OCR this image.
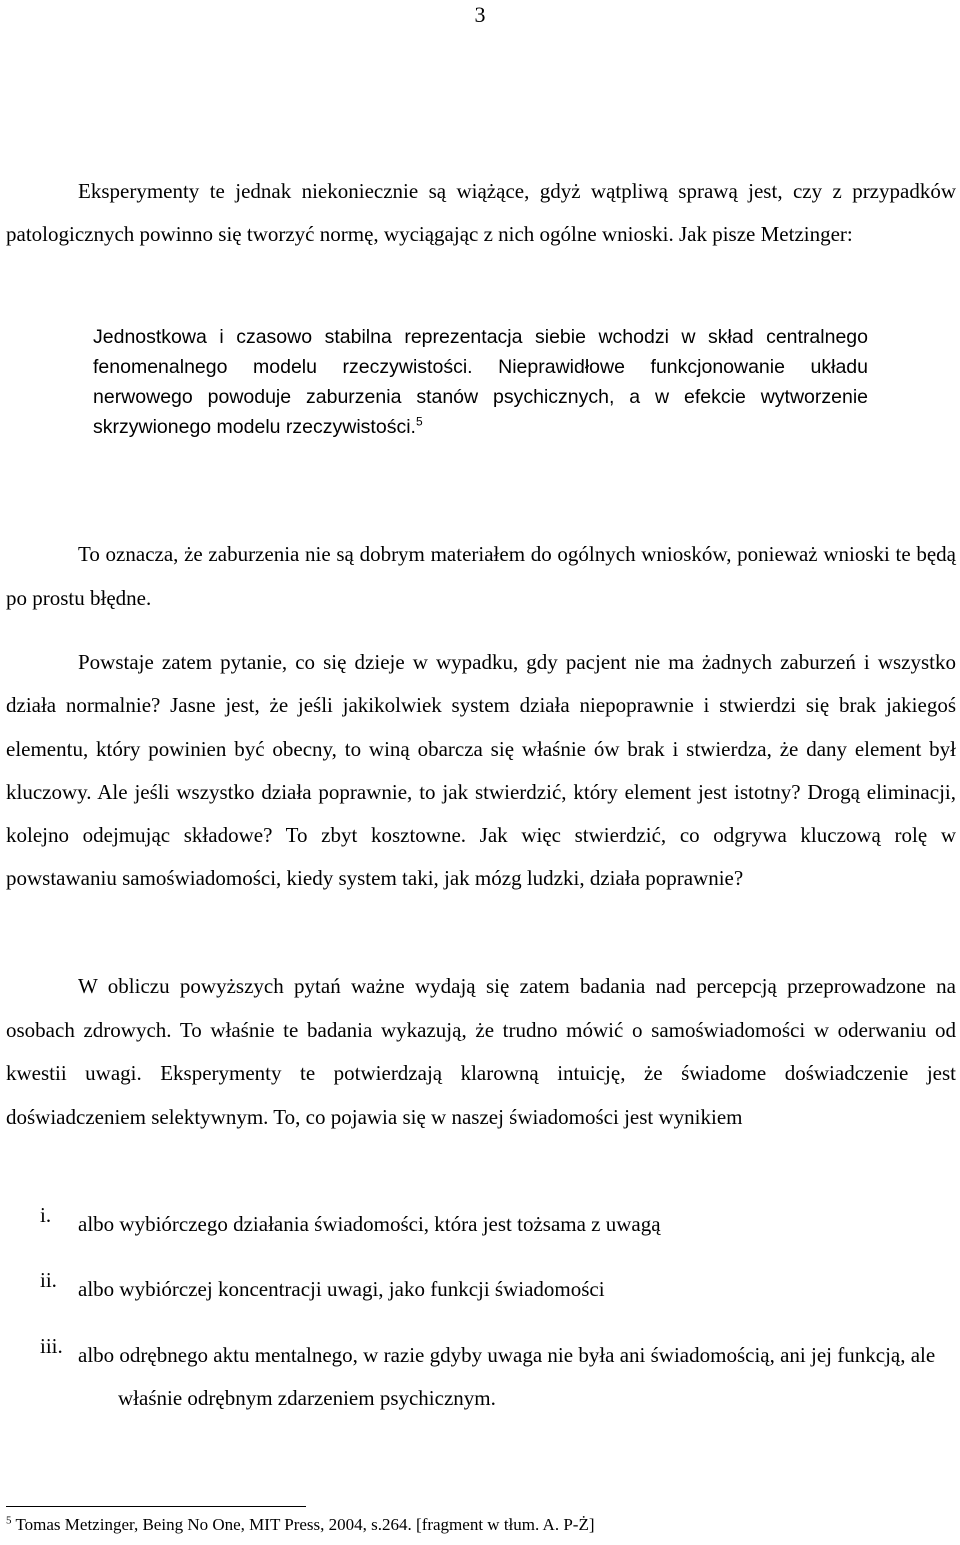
3

Eksperymenty te jednak niekoniecznie są wiążące, gdyż wątpliwą sprawą jest, czy z przypadków patologicznych powinno się tworzyć normę, wyciągając z nich ogólne wnioski. Jak pisze Metzinger:

Jednostkowa i czasowo stabilna reprezentacja siebie wchodzi w skład centralnego fenomenalnego modelu rzeczywistości. Nieprawidłowe funkcjonowanie układu nerwowego powoduje zaburzenia stanów psychicznych, a w efekcie wytworzenie skrzywionego modelu rzeczywistości.$^5$

To oznacza, że zaburzenia nie są dobrym materiałem do ogólnych wniosków, ponieważ wnioski te będą po prostu błędne.

Powstaje zatem pytanie, co się dzieje w wypadku, gdy pacjent nie ma żadnych zaburzeń i wszystko działa normalnie? Jasne jest, że jeśli jakikolwiek system działa niepoprawnie i stwierdzi się brak jakiegoś elementu, który powinien być obecny, to winą obarcza się właśnie ów brak i stwierdza, że dany element był kluczowy. Ale jeśli wszystko działa poprawnie, to jak stwierdzić, który element jest istotny? Drogą eliminacji, kolejno odejmując składowe? To zbyt kosztowne. Jak więc stwierdzić, co odgrywa kluczową rolę w powstawaniu samoświadomości, kiedy system taki, jak mózg ludzki, działa poprawnie?

W obliczu powyższych pytań ważne wydają się zatem badania nad percepcją przeprowadzone na osobach zdrowych. To właśnie te badania wykazują, że trudno mówić o samoświadomości w oderwaniu od kwestii uwagi. Eksperymenty te potwierdzają klarowną intuicję, że świadome doświadczenie jest doświadczeniem selektywnym. To, co pojawia się w naszej świadomości jest wynikiem

i. albo wybiórczego działania świadomości, która jest tożsama z uwagą
ii. albo wybiórczej koncentracji uwagi, jako funkcji świadomości
iii. albo odrębnego aktu mentalnego, w razie gdyby uwaga nie była ani świadomością, ani jej funkcją, ale właśnie odrębnym zdarzeniem psychicznym.
$^5$ Tomas Metzinger, Being No One, MIT Press, 2004, s.264. [fragment w tłum. A. P-Ż]
